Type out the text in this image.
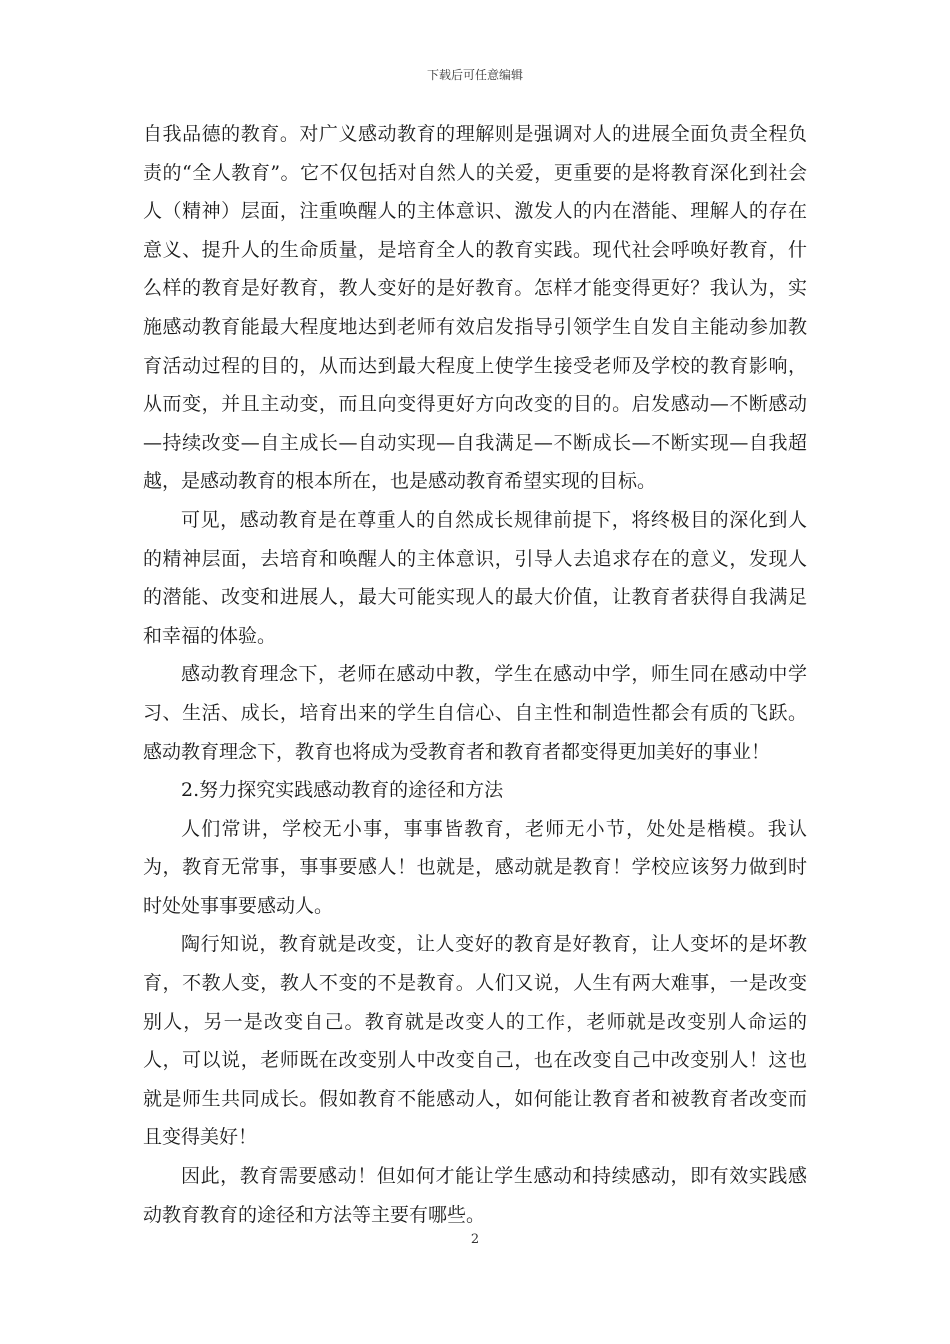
下载后可任意编辑

自我品德的教育。对广义感动教育的理解则是强调对人的进展全面负责全程负责的“全人教育”。它不仅包括对自然人的关爱，更重要的是将教育深化到社会人（精神）层面，注重唤醒人的主体意识、激发人的内在潜能、理解人的存在意义、提升人的生命质量，是培育全人的教育实践。现代社会呼唤好教育，什么样的教育是好教育，教人变好的是好教育。怎样才能变得更好？我认为，实施感动教育能最大程度地达到老师有效启发指导引领学生自发自主能动参加教育活动过程的目的，从而达到最大程度上使学生接受老师及学校的教育影响，从而变，并且主动变，而且向变得更好方向改变的目的。启发感动—不断感动—持续改变—自主成长—自动实现—自我满足—不断成长—不断实现—自我超越，是感动教育的根本所在，也是感动教育希望实现的目标。

可见，感动教育是在尊重人的自然成长规律前提下，将终极目的深化到人的精神层面，去培育和唤醒人的主体意识，引导人去追求存在的意义，发现人的潜能、改变和进展人，最大可能实现人的最大价值，让教育者获得自我满足和幸福的体验。

感动教育理念下，老师在感动中教，学生在感动中学，师生同在感动中学习、生活、成长，培育出来的学生自信心、自主性和制造性都会有质的飞跃。感动教育理念下，教育也将成为受教育者和教育者都变得更加美好的事业！

2.努力探究实践感动教育的途径和方法

人们常讲，学校无小事，事事皆教育，老师无小节，处处是楷模。我认为，教育无常事，事事要感人！也就是，感动就是教育！学校应该努力做到时时处处事事要感动人。

陶行知说，教育就是改变，让人变好的教育是好教育，让人变坏的是坏教育，不教人变，教人不变的不是教育。人们又说，人生有两大难事，一是改变别人，另一是改变自己。教育就是改变人的工作，老师就是改变别人命运的人，可以说，老师既在改变别人中改变自己，也在改变自己中改变别人！这也就是师生共同成长。假如教育不能感动人，如何能让教育者和被教育者改变而且变得美好！

因此，教育需要感动！但如何才能让学生感动和持续感动，即有效实践感动教育教育的途径和方法等主要有哪些。

2
